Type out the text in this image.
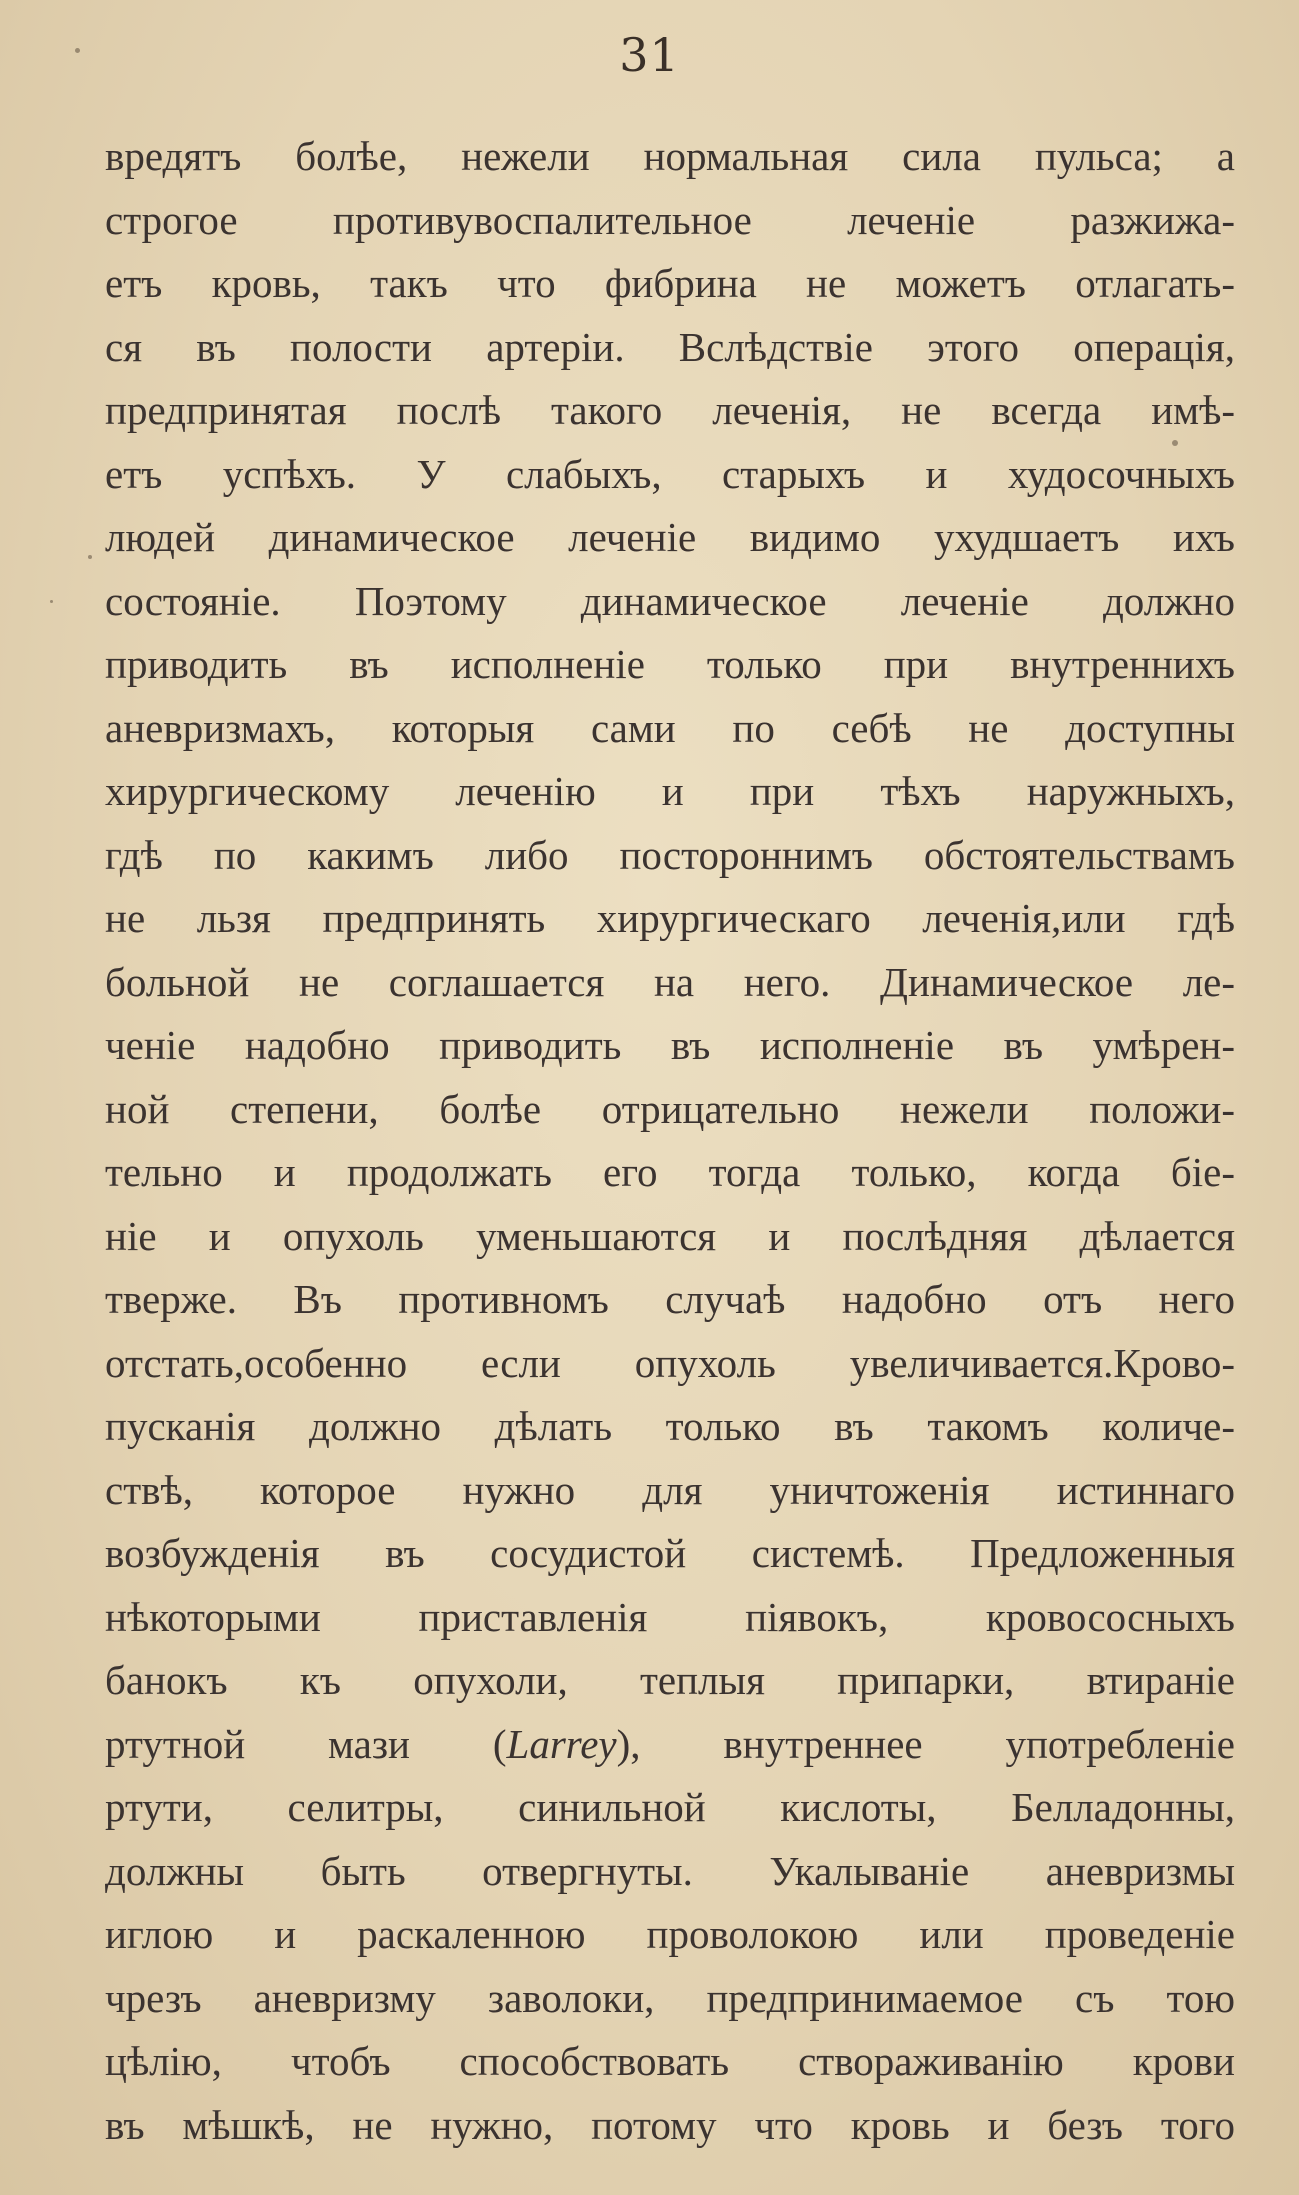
31
вредятъ болѣе, нежели нормальная сила пульса; а
строгое противувоспалительное леченіе разжижа-
етъ кровь, такъ что фибрина не можетъ отлагать-
ся въ полости артеріи. Вслѣдствіе этого операція,
предпринятая послѣ такого леченія, не всегда имѣ-
етъ успѣхъ. У слабыхъ, старыхъ и худосочныхъ
людей динамическое леченіе видимо ухудшаетъ ихъ
состояніе. Поэтому динамическое леченіе должно
приводить въ исполненіе только при внутреннихъ
аневризмахъ, которыя сами по себѣ не доступны
хирургическому леченію и при тѣхъ наружныхъ,
гдѣ по какимъ либо постороннимъ обстоятельствамъ
не льзя предпринять хирургическаго леченія,или гдѣ
больной не соглашается на него. Динамическое ле-
ченіе надобно приводить въ исполненіе въ умѣрен-
ной степени, болѣе отрицательно нежели положи-
тельно и продолжать его тогда только, когда біе-
ніе и опухоль уменьшаются и послѣдняя дѣлается
тверже. Въ противномъ случаѣ надобно отъ него
отстать,особенно если опухоль увеличивается.Крово-
пусканія должно дѣлать только въ такомъ количе-
ствѣ, которое нужно для уничтоженія истиннаго
возбужденія въ сосудистой системѣ. Предложенныя
нѣкоторыми приставленія піявокъ, кровососныхъ
банокъ къ опухоли, теплыя припарки, втираніе
ртутной мази (Larrey), внутреннее употребленіе
ртути, селитры, синильной кислоты, Белладонны,
должны быть отвергнуты. Укалываніе аневризмы
иглою и раскаленною проволокою или проведеніе
чрезъ аневризму заволоки, предпринимаемое съ тою
цѣлію, чтобъ способствовать створаживанію крови
въ мѣшкѣ, не нужно, потому что кровь и безъ того
